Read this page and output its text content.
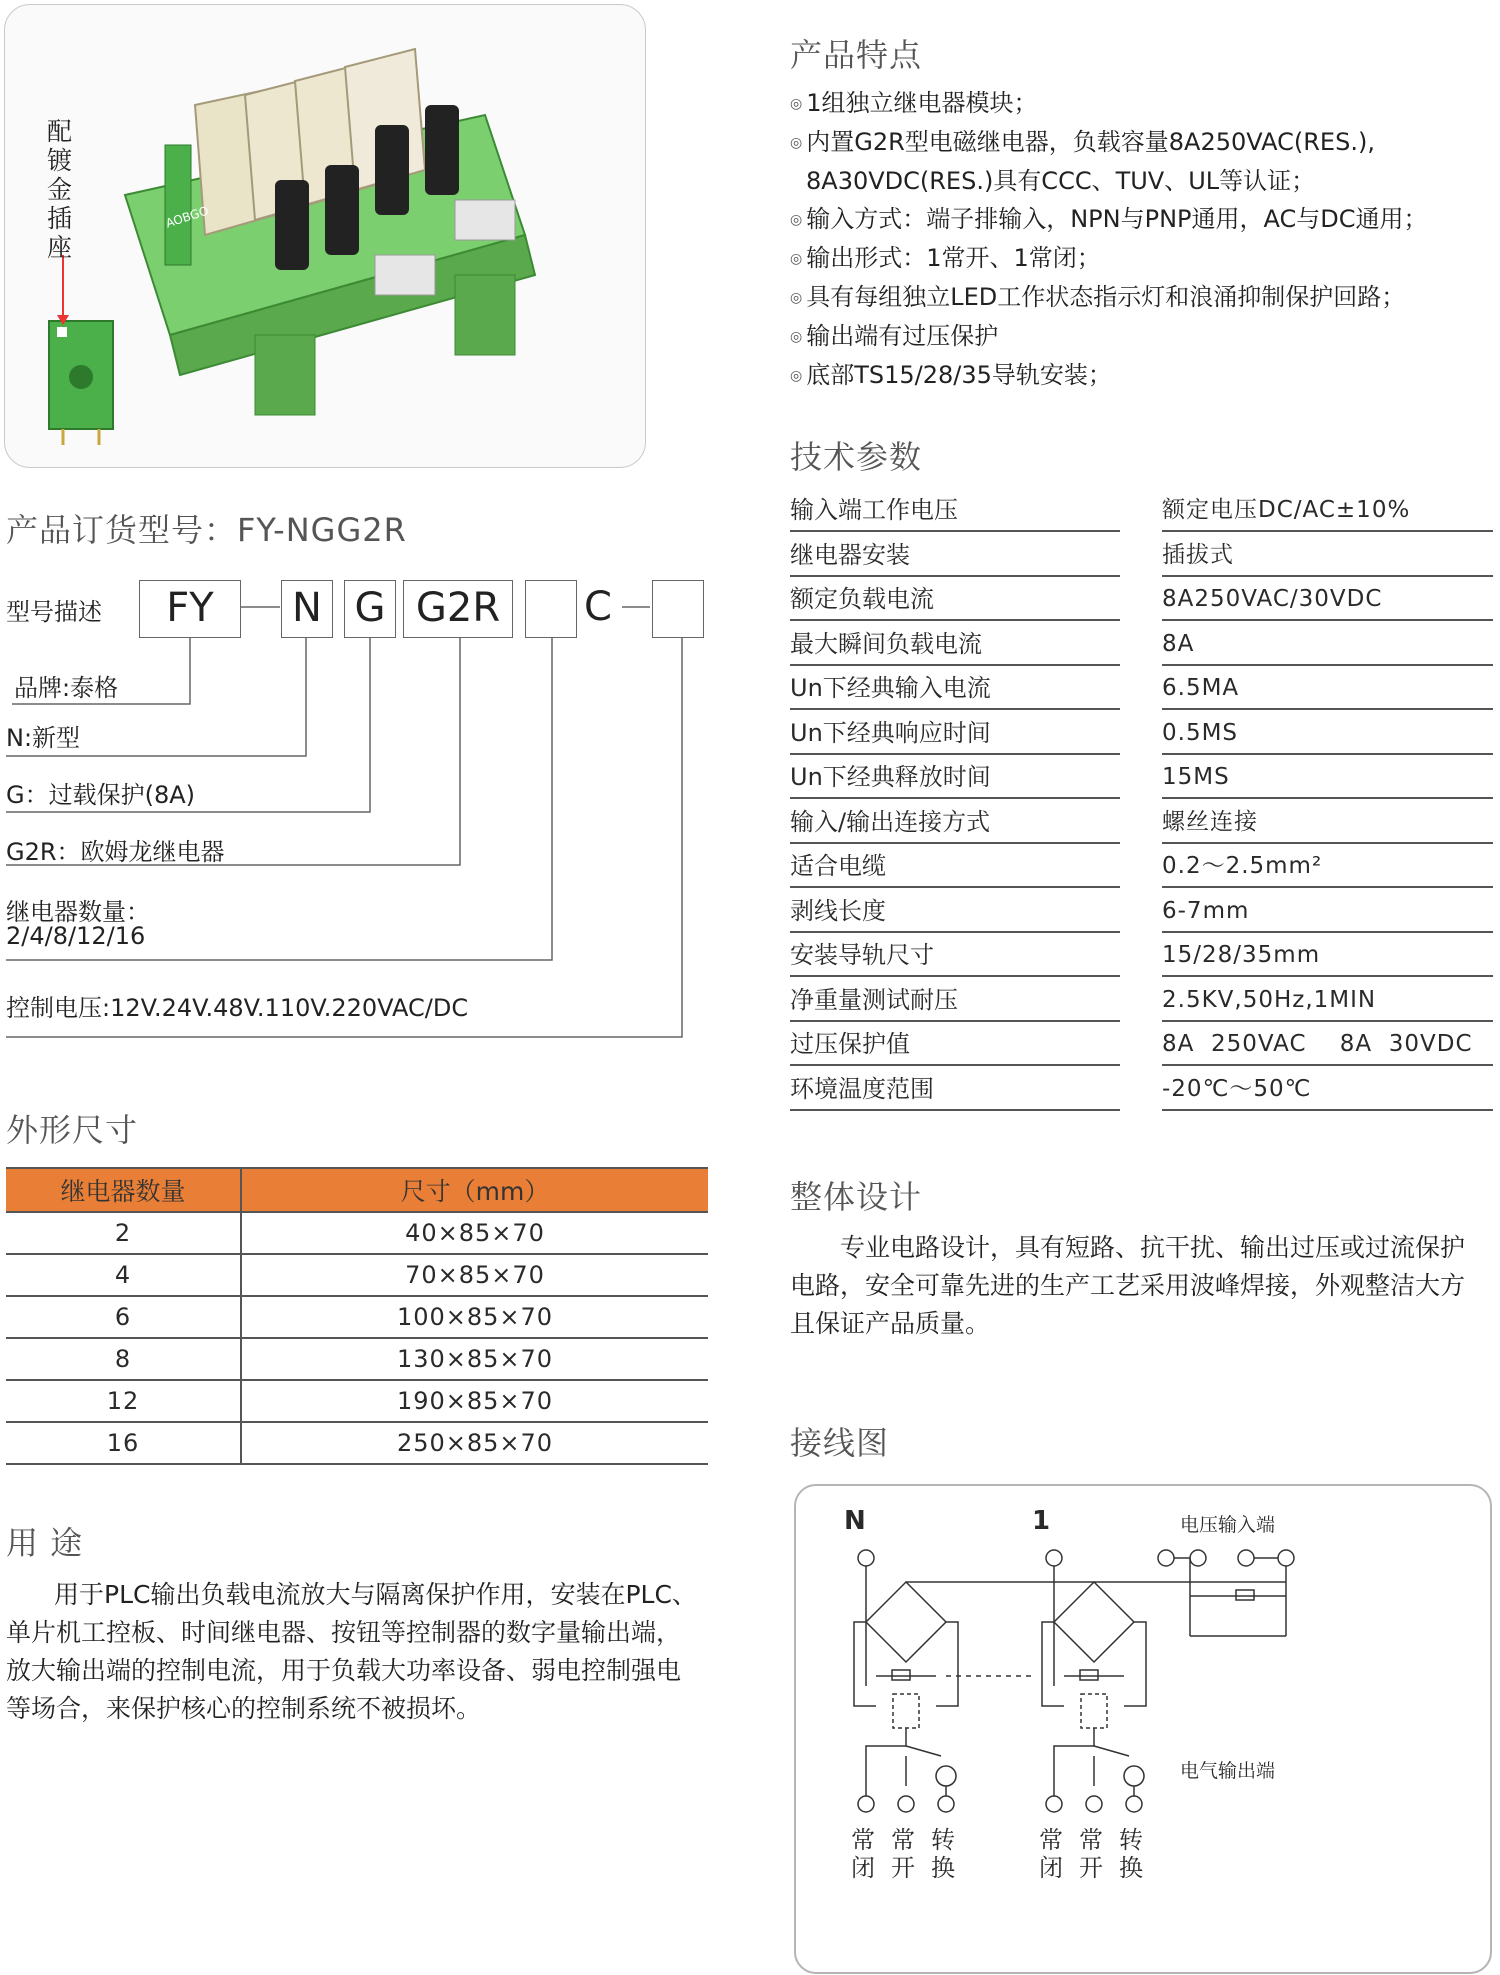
配镀金插座
AOBGO
产品订货型号：FY-NGG2R
型号描述	FY	N G G2R	C
品牌:泰格
N:新型
G：过载保护(8A)
G2R：欧姆龙继电器
继电器数量：
2/4/8/12/16
控制电压:12V.24V.48V.110V.220VAC/DC
外形尺寸
继电器数量	尺寸（mm）
2	40×85×70
4	70×85×70
6	100×85×70
8	130×85×70
12	190×85×70
16	250×85×70
用 途
用于PLC输出负载电流放大与隔离保护作用，安装在PLC、
单片机工控板、时间继电器、按钮等控制器的数字量输出端，
放大输出端的控制电流，用于负载大功率设备、弱电控制强电
等场合，来保护核心的控制系统不被损坏。
产品特点
◎ 1组独立继电器模块；
◎ 内置G2R型电磁继电器，负载容量8A250VAC(RES.),
8A30VDC(RES.)具有CCC、TUV、UL等认证；
◎ 输入方式：端子排输入，NPN与PNP通用，AC与DC通用；
◎ 输出形式：1常开、1常闭；
◎ 具有每组独立LED工作状态指示灯和浪涌抑制保护回路；
◎ 输出端有过压保护
◎ 底部TS15/28/35导轨安装；
技术参数
输入端工作电压	额定电压DC/AC±10%
继电器安装	插拔式
额定负载电流	8A250VAC/30VDC
最大瞬间负载电流	8A
Un下经典输入电流	6.5MA
Un下经典响应时间	0.5MS
Un下经典释放时间	15MS
输入/输出连接方式	螺丝连接
适合电缆	0.2～2.5mm²
剥线长度	6-7mm
安装导轨尺寸	15/28/35mm
净重量测试耐压	2.5KV,50Hz,1MIN
过压保护值	8A  250VAC    8A  30VDC
环境温度范围	-20℃～50℃
整体设计
专业电路设计，具有短路、抗干扰、输出过压或过流保护
电路，安全可靠先进的生产工艺采用波峰焊接，外观整洁大方
且保证产品质量。
接线图
N	1	电压输入端
电气输出端
常闭
常开
转换
常闭
常开
转换
